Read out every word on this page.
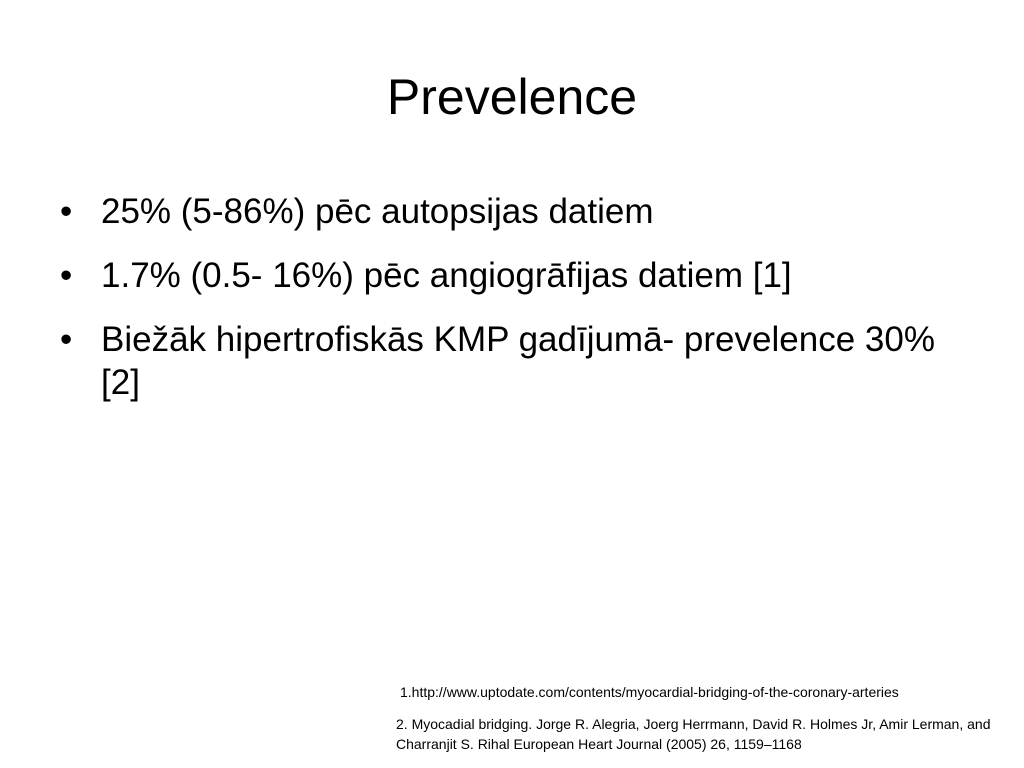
Prevelence
• 25% (5-86%) pēc autopsijas datiem
• 1.7% (0.5- 16%) pēc angiogrāfijas datiem [1]
• Biežāk hipertrofiskās KMP gadījumā- prevelence 30% [2]
1.http://www.uptodate.com/contents/myocardial-bridging-of-the-coronary-arteries
2. Myocadial bridging. Jorge R. Alegria, Joerg Herrmann, David R. Holmes Jr, Amir Lerman, and Charranjit S. Rihal European Heart Journal (2005) 26, 1159–1168
